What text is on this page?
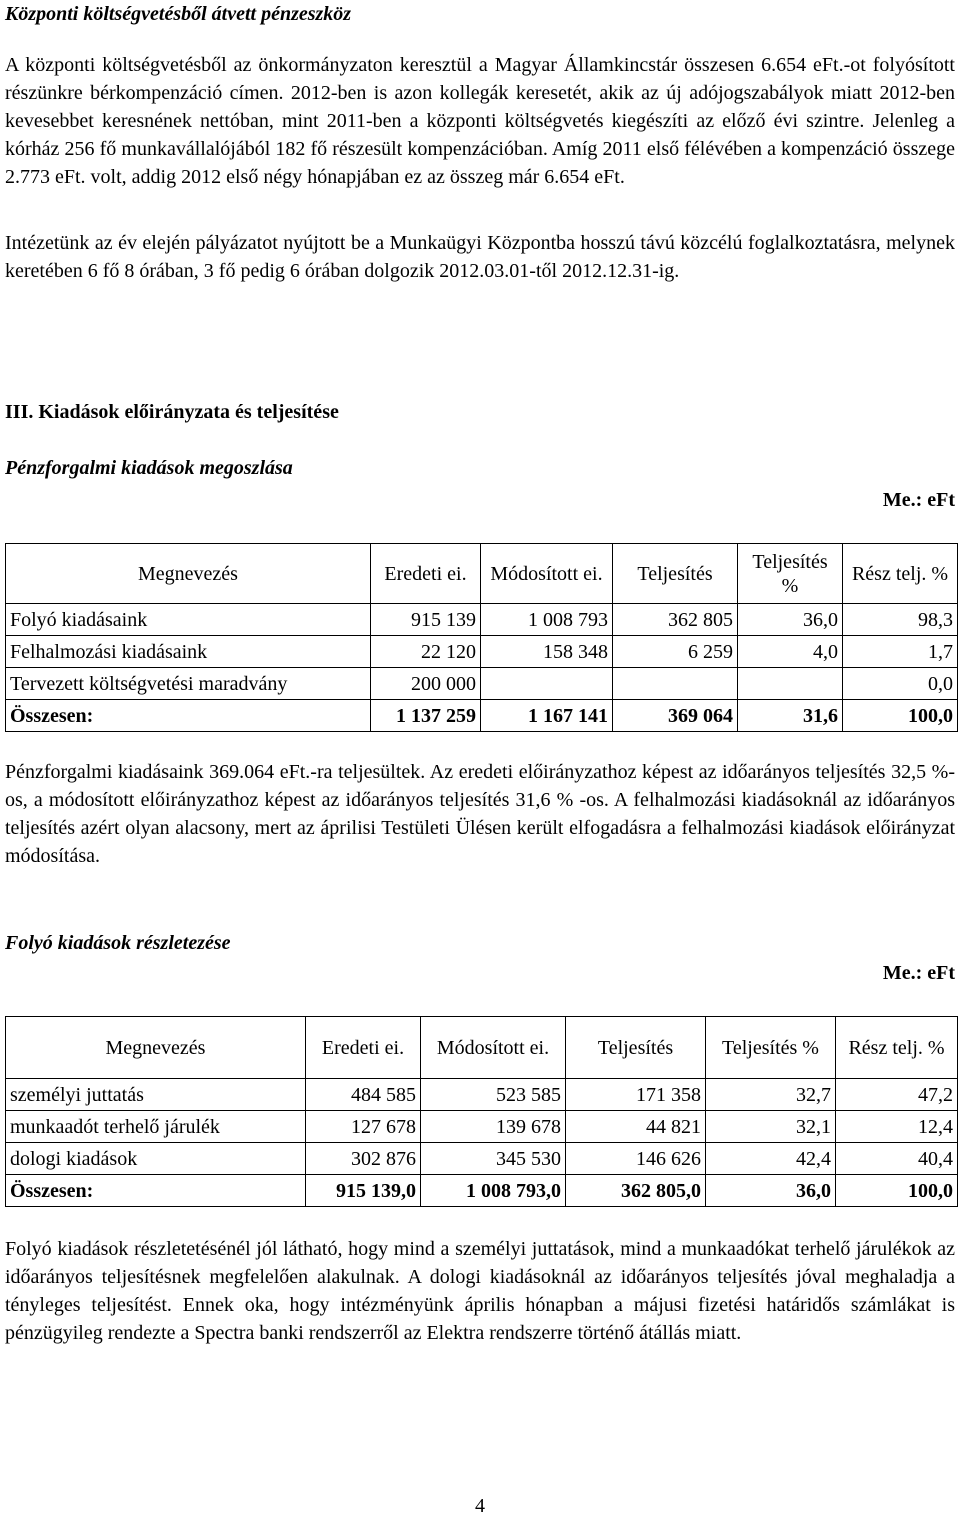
Központi költségvetésből átvett pénzeszköz

A központi költségvetésből az önkormányzaton keresztül a Magyar Államkincstár összesen 6.654 eFt.-ot folyósított részünkre bérkompenzáció címen. 2012-ben is azon kollegák keresetét, akik az új adójogszabályok miatt 2012-ben kevesebbet keresnének nettóban, mint 2011-ben a központi költségvetés kiegészíti az előző évi szintre. Jelenleg a kórház 256 fő munkavállalójából 182 fő részesült kompenzációban. Amíg 2011 első félévében a kompenzáció összege 2.773 eFt. volt, addig 2012 első négy hónapjában ez az összeg már 6.654 eFt.

Intézetünk az év elején pályázatot nyújtott be a Munkaügyi Központba hosszú távú közcélú foglalkoztatásra, melynek keretében 6 fő 8 órában, 3 fő pedig 6 órában dolgozik 2012.03.01-től 2012.12.31-ig.

III. Kiadások előirányzata és teljesítése

Pénzforgalmi kiadások megoszlása

Me.: eFt

Megnevezés	Eredeti ei.	Módosított ei.	Teljesítés	Teljesítés %	Rész telj. %
Folyó kiadásaink	915 139	1 008 793	362 805	36,0	98,3
Felhalmozási kiadásaink	22 120	158 348	6 259	4,0	1,7
Tervezett költségvetési maradvány	200 000				0,0
Összesen:	1 137 259	1 167 141	369 064	31,6	100,0

Pénzforgalmi kiadásaink 369.064 eFt.-ra teljesültek. Az eredeti előirányzathoz képest az időarányos teljesítés 32,5 %-os, a módosított előirányzathoz képest az időarányos teljesítés 31,6 % -os. A felhalmozási kiadásoknál az időarányos teljesítés azért olyan alacsony, mert az áprilisi Testületi Ülésen került elfogadásra a felhalmozási kiadások előirányzat módosítása.

Folyó kiadások részletezése

Me.: eFt

Megnevezés	Eredeti ei.	Módosított ei.	Teljesítés	Teljesítés %	Rész telj. %
személyi juttatás	484 585	523 585	171 358	32,7	47,2
munkaadót terhelő járulék	127 678	139 678	44 821	32,1	12,4
dologi kiadások	302 876	345 530	146 626	42,4	40,4
Összesen:	915 139,0	1 008 793,0	362 805,0	36,0	100,0

Folyó kiadások részletetésénél jól látható, hogy mind a személyi juttatások, mind a munkaadókat terhelő járulékok az időarányos teljesítésnek megfelelően alakulnak. A dologi kiadásoknál az időarányos teljesítés jóval meghaladja a tényleges teljesítést. Ennek oka, hogy intézményünk április hónapban a májusi fizetési határidős számlákat is pénzügyileg rendezte a Spectra banki rendszerről az Elektra rendszerre történő átállás miatt.

4
